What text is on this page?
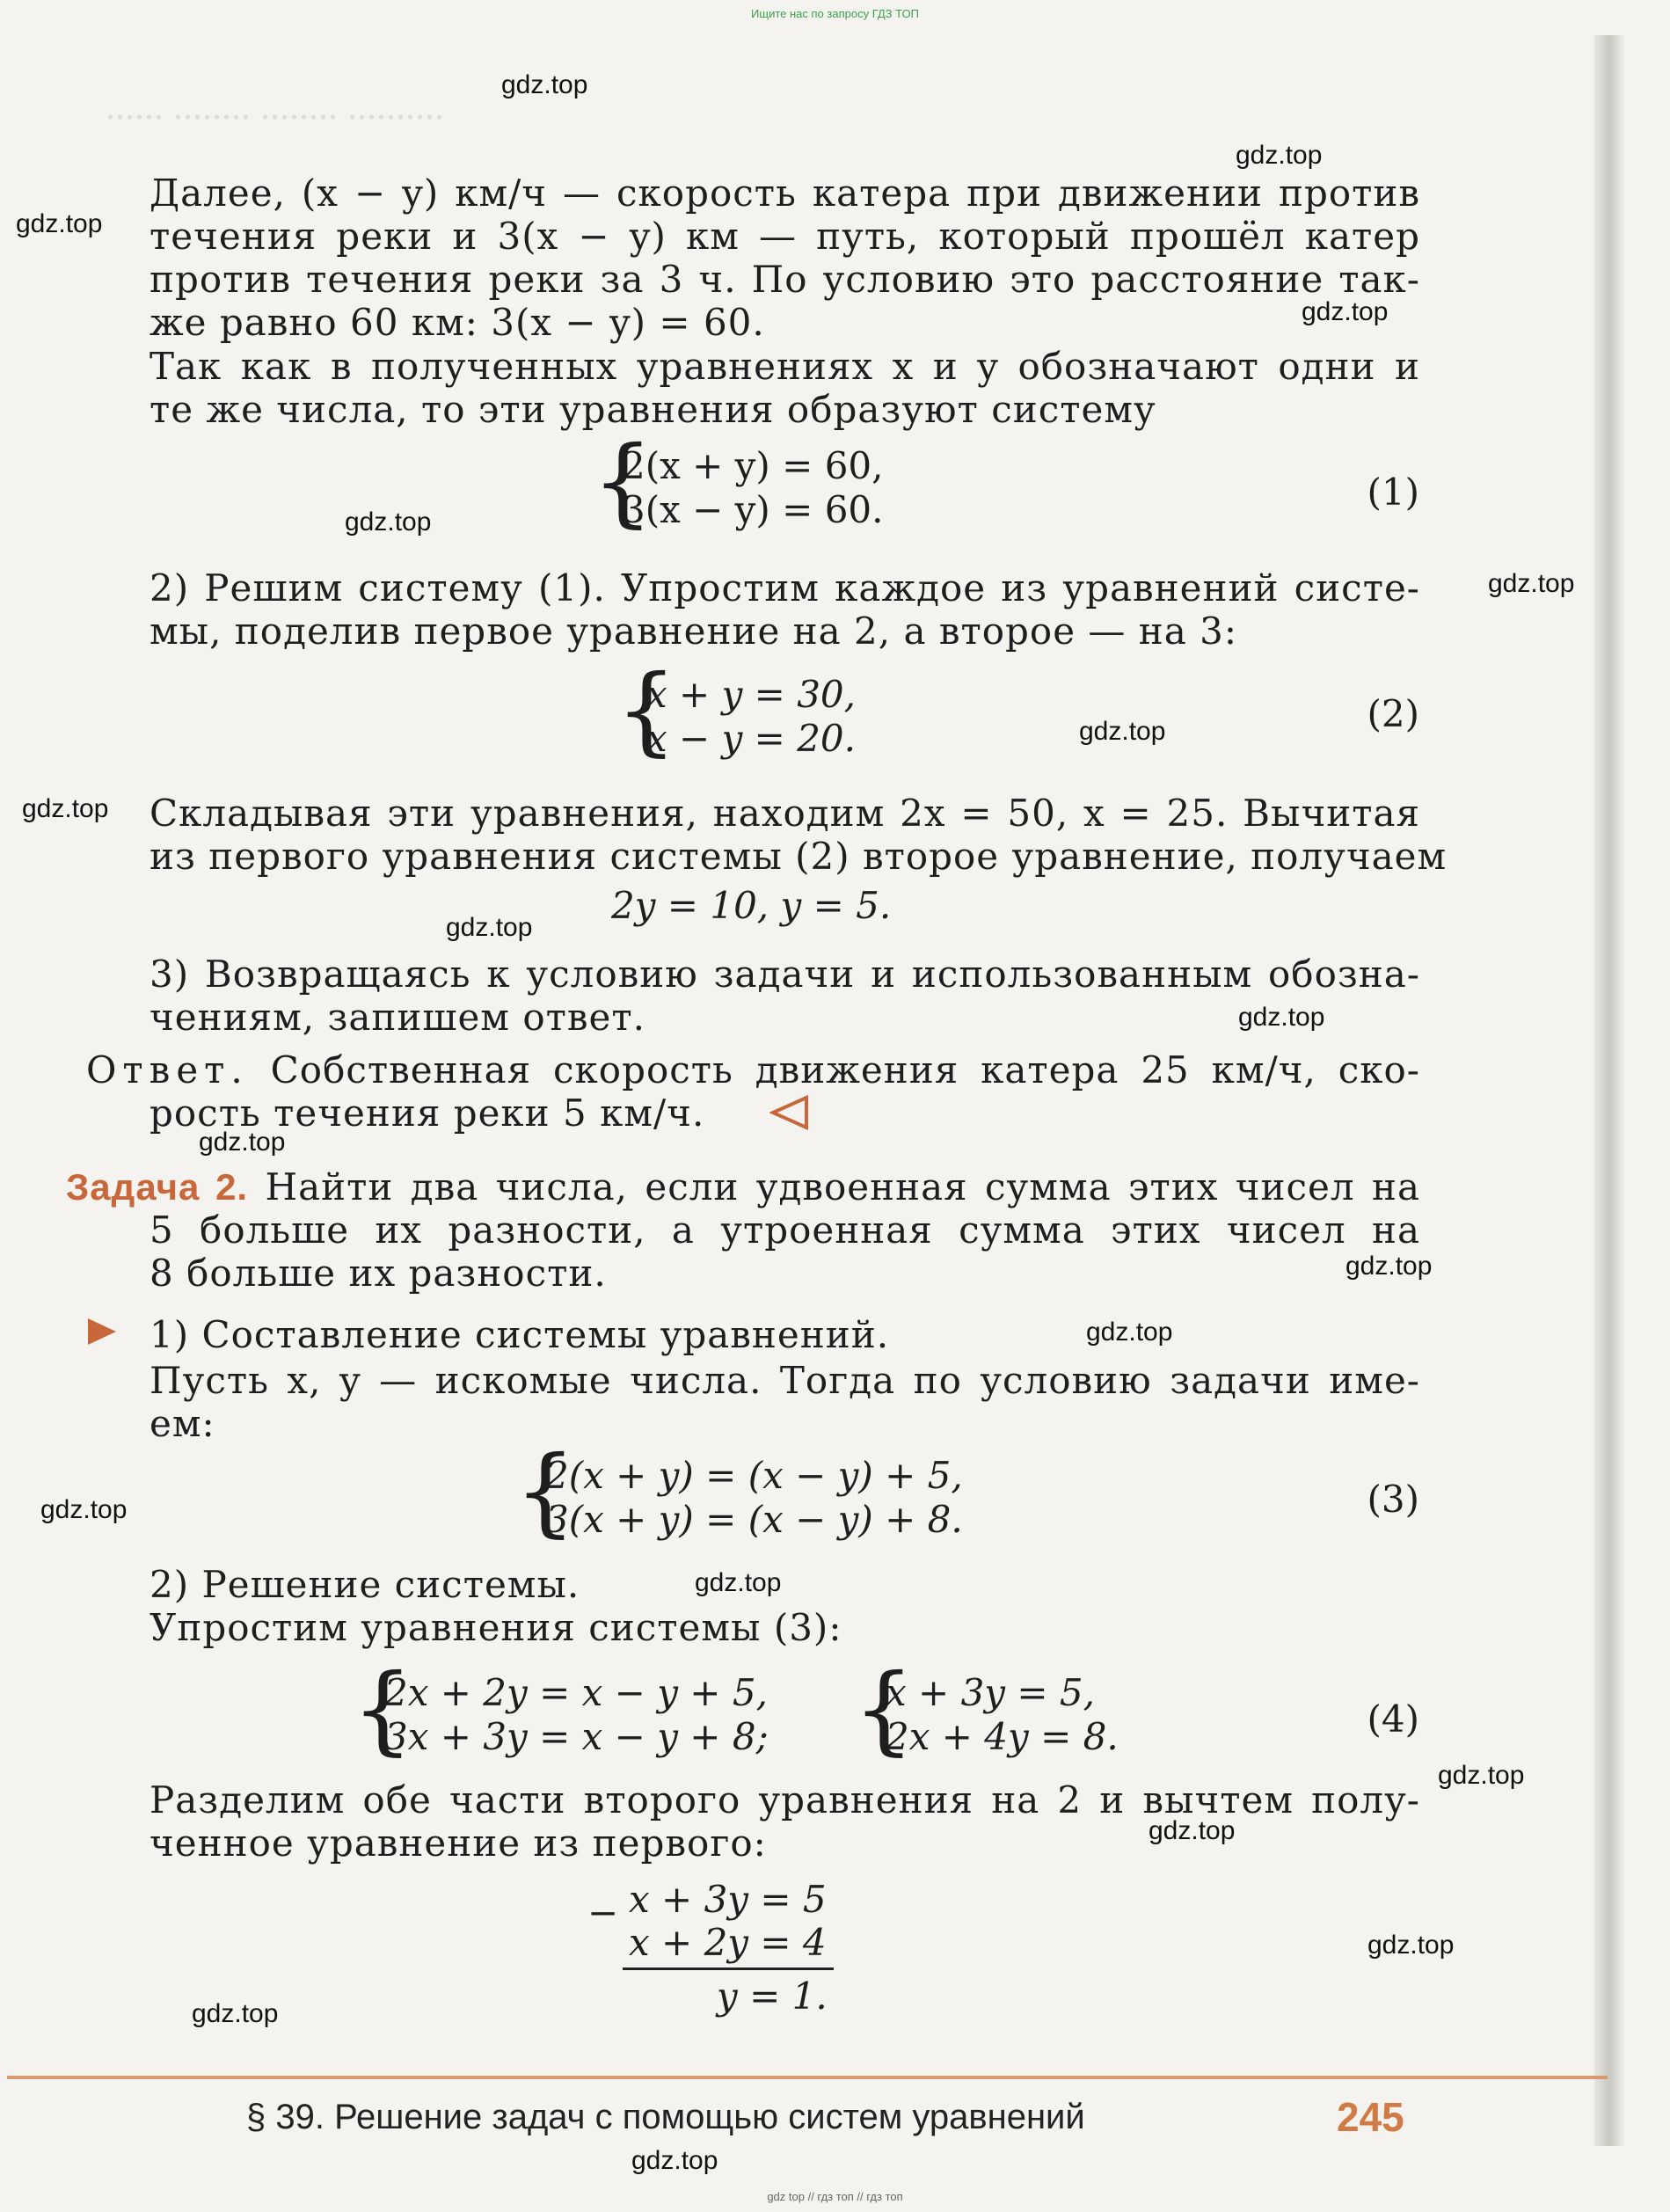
.......... ........ ........ ......
Ищите нас по запросу ГДЗ ТОП
gdz.top
gdz.top
gdz.top
gdz.top
gdz.top
gdz.top
gdz.top
gdz.top
gdz.top
gdz.top
gdz.top
gdz.top
gdz.top
gdz.top
gdz.top
gdz.top
gdz.top
gdz.top
gdz.top
gdz.top
Далее, (x − y) км/ч — скорость катера при движении против
течения реки и 3(x − y) км — путь, который прошёл катер
против течения реки за 3 ч. По условию это расстояние так-
же равно 60 км: 3(x − y) = 60.
Так как в полученных уравнениях x и y обозначают одни и
те же числа, то эти уравнения образуют систему
{
2(x + y) = 60,
3(x − y) = 60.	(1)
2) Решим систему (1). Упростим каждое из уравнений систе-
мы, поделив первое уравнение на 2, а второе — на 3:
{
x + y = 30,
x − y = 20.
(2)
Складывая эти уравнения, находим 2x = 50, x = 25. Вычитая
из первого уравнения системы (2) второе уравнение, получаем
2y = 10, y = 5.
3) Возвращаясь к условию задачи и использованным обозна-
чениям, запишем ответ.
Ответ. Собственная скорость движения катера 25 км/ч, ско-
рость течения реки 5 км/ч.
Задача 2. Найти два числа, если удвоенная сумма этих чисел на
5 больше их разности, а утроенная сумма этих чисел на
8 больше их разности.
1) Составление системы уравнений.
Пусть x, y — искомые числа. Тогда по условию задачи име-
ем:
{
2(x + y) = (x − y) + 5,
3(x + y) = (x − y) + 8.	(3)
2) Решение системы.
Упростим уравнения системы (3):
{
2x + 2y = x − y + 5,
3x + 3y = x − y + 8; {
x + 3y = 5,
2x + 4y = 8.	(4)
Разделим обе части второго уравнения на 2 и вычтем полу-
ченное уравнение из первого:
− x + 3y = 5
x + 2y = 4
y = 1.
§ 39. Решение задач с помощью систем уравнений	245
gdz top // гдз топ // гдз топ
